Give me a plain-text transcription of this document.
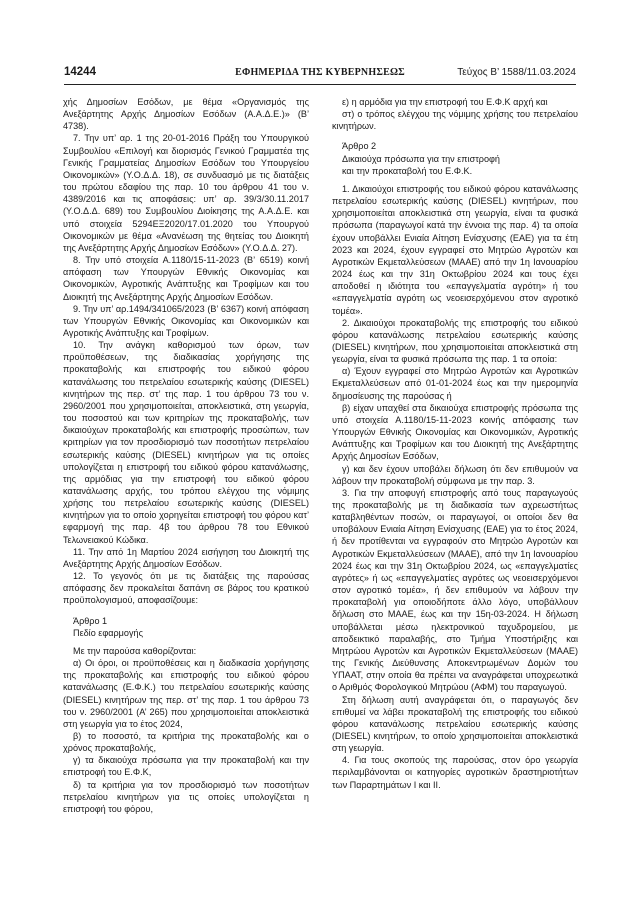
14244	ΕΦΗΜΕΡΙΔΑ ΤΗΣ ΚΥΒΕΡΝΗΣΕΩΣ	Τεύχος B’ 1588/11.03.2024

χής Δημοσίων Εσόδων, με θέμα «Οργανισμός της Ανεξάρτητης Αρχής Δημοσίων Εσόδων (Α.Α.Δ.Ε.)» (B’ 4738).

7. Την υπ’ αρ. 1 της 20-01-2016 Πράξη του Υπουργικού Συμβουλίου «Επιλογή και διορισμός Γενικού Γραμματέα της Γενικής Γραμματείας Δημοσίων Εσόδων του Υπουργείου Οικονομικών» (Υ.Ο.Δ.Δ. 18), σε συνδυασμό με τις διατάξεις του πρώτου εδαφίου της παρ. 10 του άρθρου 41 του ν. 4389/2016 και τις αποφάσεις: υπ’ αρ. 39/3/30.11.2017 (Υ.Ο.Δ.Δ. 689) του Συμβουλίου Διοίκησης της Α.Α.Δ.Ε. και υπό στοιχεία 5294ΕΞ2020/17.01.2020 του Υπουργού Οικονομικών με θέμα «Ανανέωση της θητείας του Διοικητή της Ανεξάρτητης Αρχής Δημοσίων Εσόδων» (Υ.Ο.Δ.Δ. 27).

8. Την υπό στοιχεία Α.1180/15-11-2023 (B’ 6519) κοινή απόφαση των Υπουργών Εθνικής Οικονομίας και Οικονομικών, Αγροτικής Ανάπτυξης και Τροφίμων και του Διοικητή της Ανεξάρτητης Αρχής Δημοσίων Εσόδων.

9. Την υπ’ αρ.1494/341065/2023 (B’ 6367) κοινή απόφαση των Υπουργών Εθνικής Οικονομίας και Οικονομικών και Αγροτικής Ανάπτυξης και Τροφίμων.

10. Την ανάγκη καθορισμού των όρων, των προϋποθέσεων, της διαδικασίας χορήγησης της προκαταβολής και επιστροφής του ειδικού φόρου κατανάλωσης του πετρελαίου εσωτερικής καύσης (DIESEL) κινητήρων της περ. στ’ της παρ. 1 του άρθρου 73 του ν. 2960/2001 που χρησιμοποιείται, αποκλειστικά, στη γεωργία, του ποσοστού και των κριτηρίων της προκαταβολής, των δικαιούχων προκαταβολής και επιστροφής προσώπων, των κριτηρίων για τον προσδιορισμό των ποσοτήτων πετρελαίου εσωτερικής καύσης (DIESEL) κινητήρων για τις οποίες υπολογίζεται η επιστροφή του ειδικού φόρου κατανάλωσης, της αρμόδιας για την επιστροφή του ειδικού φόρου κατανάλωσης αρχής, του τρόπου ελέγχου της νόμιμης χρήσης του πετρελαίου εσωτερικής καύσης (DIESEL) κινητήρων για το οποίο χορηγείται επιστροφή του φόρου κατ’ εφαρμογή της παρ. 4β του άρθρου 78 του Εθνικού Τελωνειακού Κώδικα.

11. Την από 1η Μαρτίου 2024 εισήγηση του Διοικητή της Ανεξάρτητης Αρχής Δημοσίων Εσόδων.

12. Το γεγονός ότι με τις διατάξεις της παρούσας απόφασης δεν προκαλείται δαπάνη σε βάρος του κρατικού προϋπολογισμού, αποφασίζουμε:

Άρθρο 1

Πεδίο εφαρμογής

Με την παρούσα καθορίζονται:

α) Οι όροι, οι προϋποθέσεις και η διαδικασία χορήγησης της προκαταβολής και επιστροφής του ειδικού φόρου κατανάλωσης (Ε.Φ.Κ.) του πετρελαίου εσωτερικής καύσης (DIESEL) κινητήρων της περ. στ’ της παρ. 1 του άρθρου 73 του ν. 2960/2001 (Α’ 265) που χρησιμοποιείται αποκλειστικά στη γεωργία για το έτος 2024,

β) το ποσοστό, τα κριτήρια της προκαταβολής και ο χρόνος προκαταβολής,

γ) τα δικαιούχα πρόσωπα για την προκαταβολή και την επιστροφή του Ε.Φ.Κ,

δ) τα κριτήρια για τον προσδιορισμό των ποσοτήτων πετρελαίου κινητήρων για τις οποίες υπολογίζεται η επιστροφή του φόρου,

ε) η αρμόδια για την επιστροφή του Ε.Φ.Κ αρχή και

στ) ο τρόπος ελέγχου της νόμιμης χρήσης του πετρελαίου κινητήρων.

Άρθρο 2

Δικαιούχα πρόσωπα για την επιστροφή

και την προκαταβολή του Ε.Φ.Κ.

1. Δικαιούχοι επιστροφής του ειδικού φόρου κατανάλωσης πετρελαίου εσωτερικής καύσης (DIESEL) κινητήρων, που χρησιμοποιείται αποκλειστικά στη γεωργία, είναι τα φυσικά πρόσωπα (παραγωγοί κατά την έννοια της παρ. 4) τα οποία έχουν υποβάλλει Ενιαία Αίτηση Ενίσχυσης (ΕΑΕ) για τα έτη 2023 και 2024, έχουν εγγραφεί στο Μητρώο Αγροτών και Αγροτικών Εκμεταλλεύσεων (ΜΑΑΕ) από την 1η Ιανουαρίου 2024 έως και την 31η Οκτωβρίου 2024 και τους έχει αποδοθεί η ιδιότητα του «επαγγελματία αγρότη» ή του «επαγγελματία αγρότη ως νεοεισερχόμενου στον αγροτικό τομέα».

2. Δικαιούχοι προκαταβολής της επιστροφής του ειδικού φόρου κατανάλωσης πετρελαίου εσωτερικής καύσης (DIESEL) κινητήρων, που χρησιμοποιείται αποκλειστικά στη γεωργία, είναι τα φυσικά πρόσωπα της παρ. 1 τα οποία:

α) Έχουν εγγραφεί στο Μητρώο Αγροτών και Αγροτικών Εκμεταλλεύσεων από 01-01-2024 έως και την ημερομηνία δημοσίευσης της παρούσας ή

β) είχαν υπαχθεί στα δικαιούχα επιστροφής πρόσωπα της υπό στοιχεία Α.1180/15-11-2023 κοινής απόφασης των Υπουργών Εθνικής Οικονομίας και Οικονομικών, Αγροτικής Ανάπτυξης και Τροφίμων και του Διοικητή της Ανεξάρτητης Αρχής Δημοσίων Εσόδων,

γ) και δεν έχουν υποβάλει δήλωση ότι δεν επιθυμούν να λάβουν την προκαταβολή σύμφωνα με την παρ. 3.

3. Για την αποφυγή επιστροφής από τους παραγωγούς της προκαταβολής με τη διαδικασία των αχρεωστήτως καταβληθέντων ποσών, οι παραγωγοί, οι οποίοι δεν θα υποβάλουν Ενιαία Αίτηση Ενίσχυσης (ΕΑΕ) για το έτος 2024, ή δεν προτίθενται να εγγραφούν στο Μητρώο Αγροτών και Αγροτικών Εκμεταλλεύσεων (ΜΑΑΕ), από την 1η Ιανουαρίου 2024 έως και την 31η Οκτωβρίου 2024, ως «επαγγελματίες αγρότες» ή ως «επαγγελματίες αγρότες ως νεοεισερχόμενοι στον αγροτικό τομέα», ή δεν επιθυμούν να λάβουν την προκαταβολή για οποιοδήποτε άλλο λόγο, υποβάλλουν δήλωση στο ΜΑΑΕ, έως και την 15η-03-2024. Η δήλωση υποβάλλεται μέσω ηλεκτρονικού ταχυδρομείου, με αποδεικτικό παραλαβής, στο Τμήμα Υποστήριξης και Μητρώου Αγροτών και Αγροτικών Εκμεταλλεύσεων (ΜΑΑΕ) της Γενικής Διεύθυνσης Αποκεντρωμένων Δομών του ΥΠΑΑΤ, στην οποία θα πρέπει να αναγράφεται υποχρεωτικά ο Αριθμός Φορολογικού Μητρώου (ΑΦΜ) του παραγωγού.

Στη δήλωση αυτή αναγράφεται ότι, ο παραγωγός δεν επιθυμεί να λάβει προκαταβολή της επιστροφής του ειδικού φόρου κατανάλωσης πετρελαίου εσωτερικής καύσης (DIESEL) κινητήρων, το οποίο χρησιμοποιείται αποκλειστικά στη γεωργία.

4. Για τους σκοπούς της παρούσας, στον όρο γεωργία περιλαμβάνονται οι κατηγορίες αγροτικών δραστηριοτήτων των Παραρτημάτων I και II.
